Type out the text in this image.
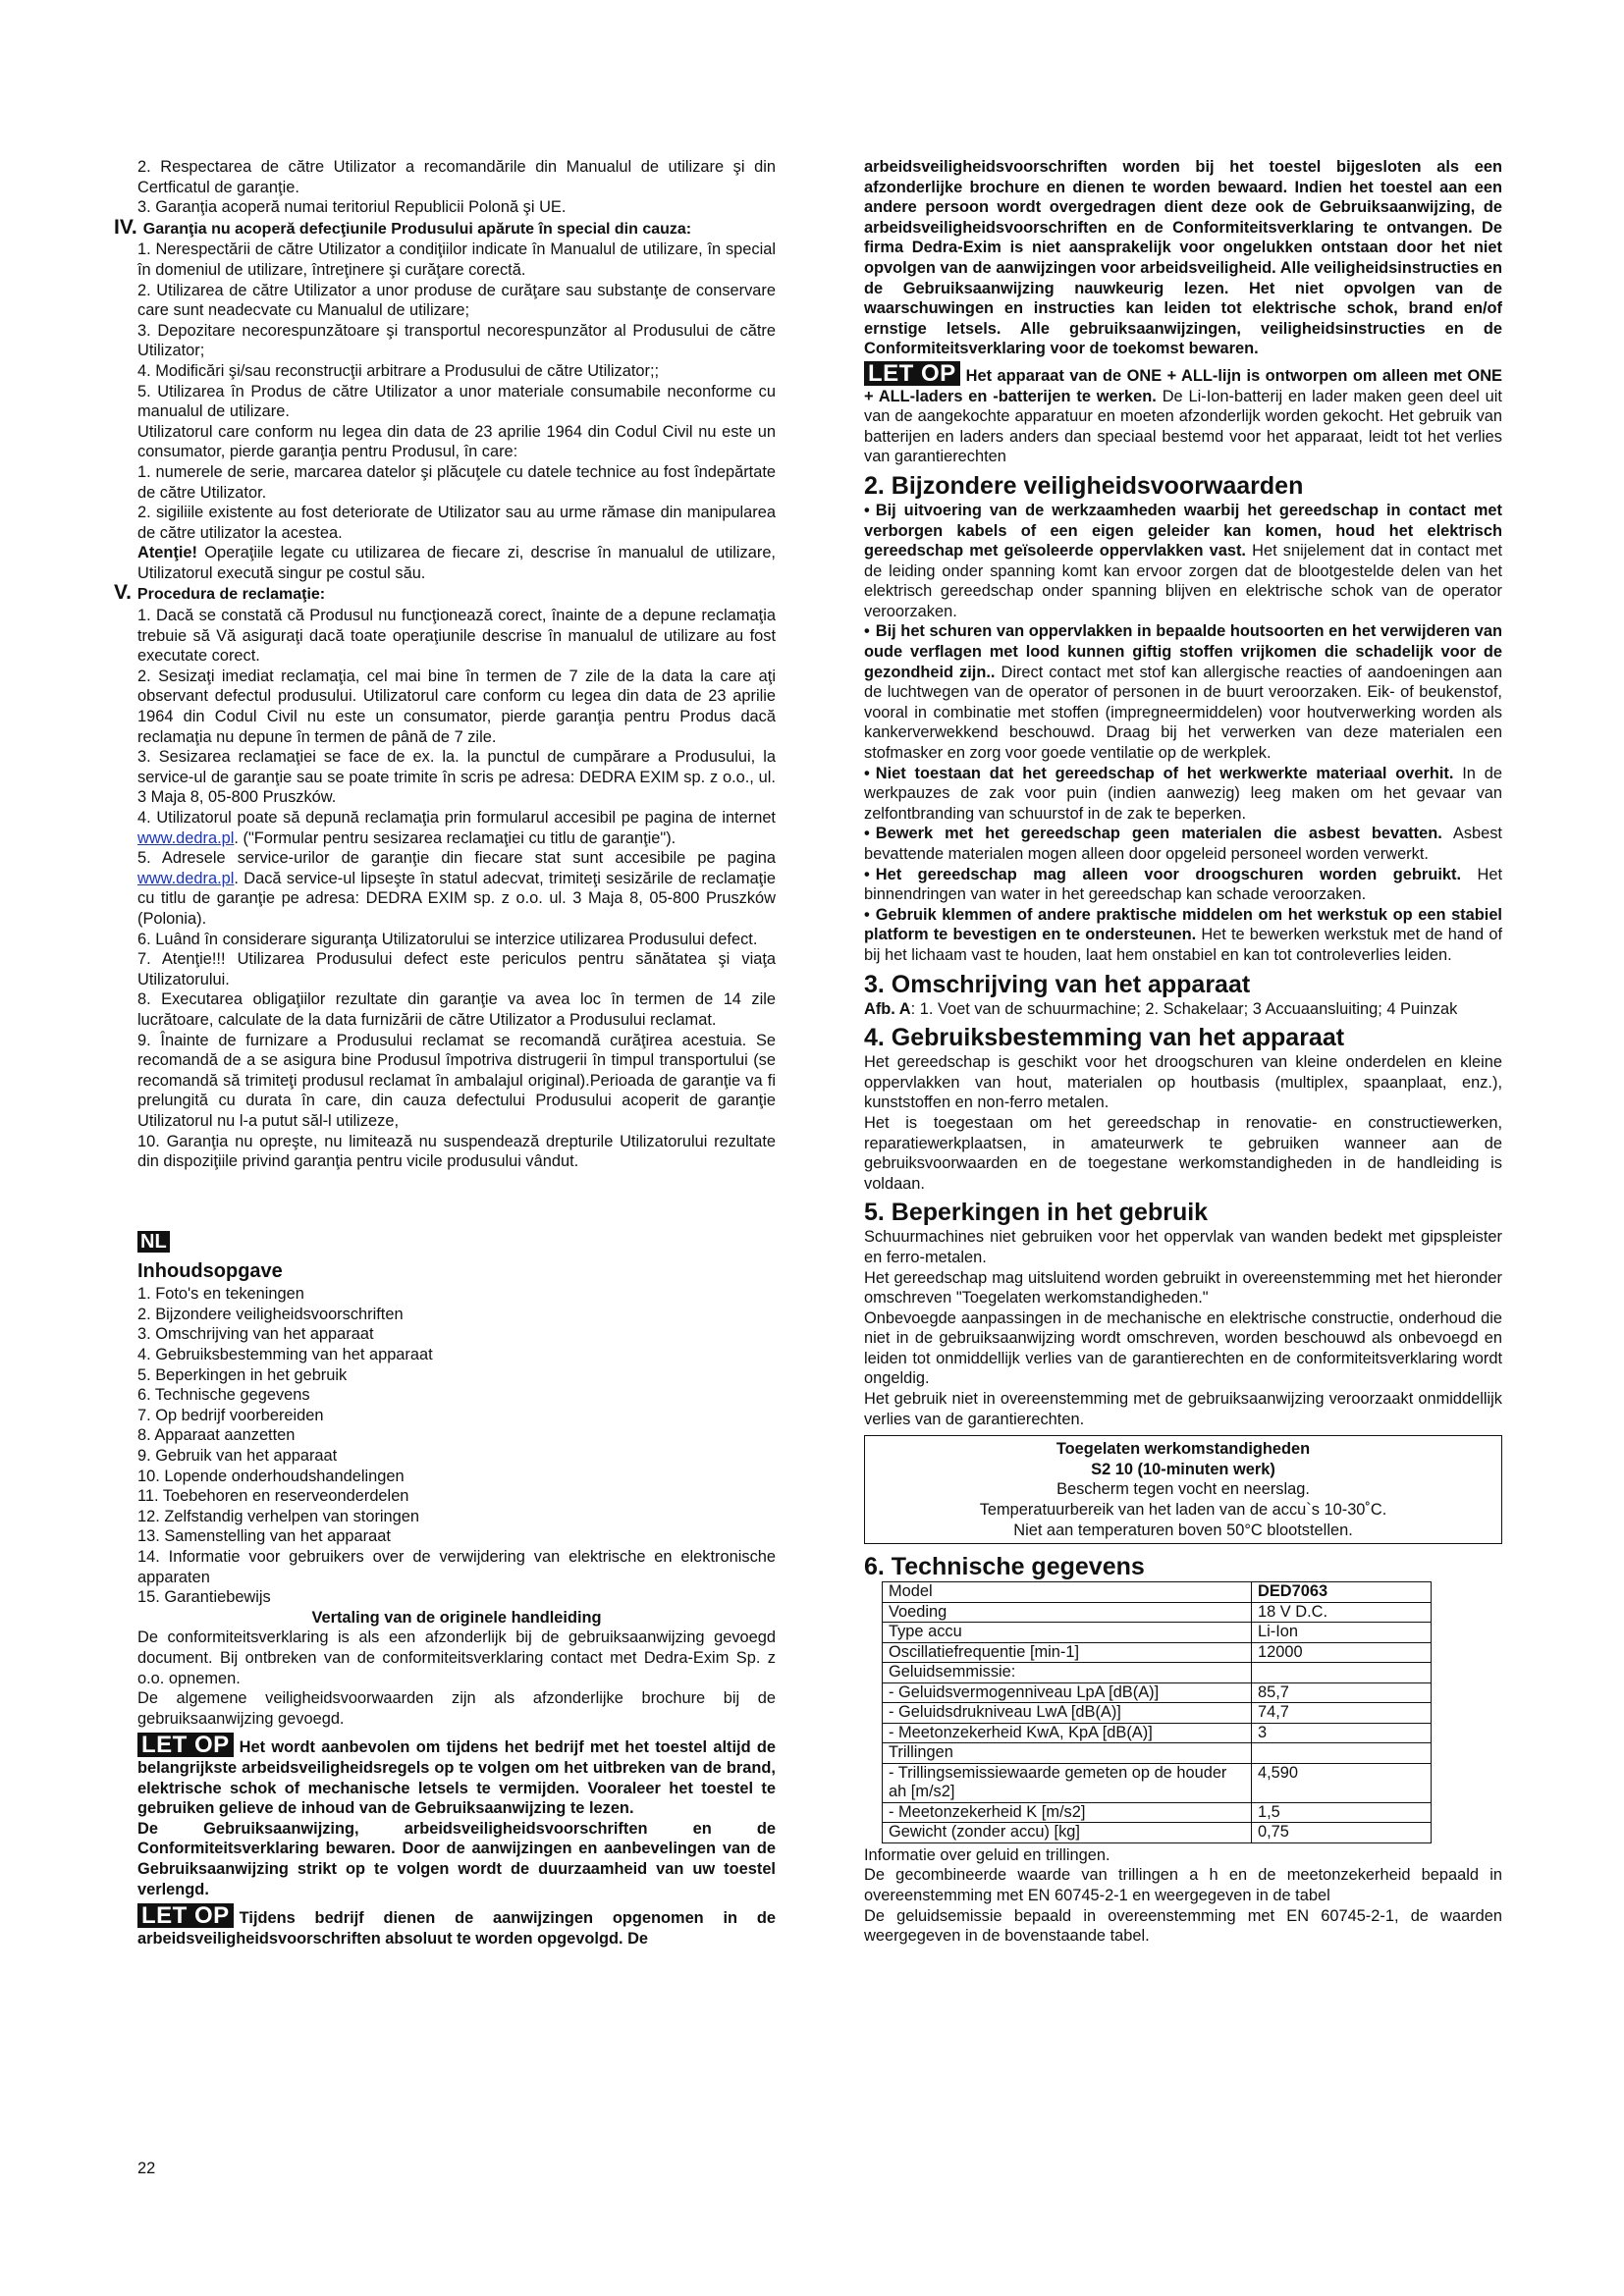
2. Respectarea de către Utilizator a recomandările din Manualul de utilizare şi din Certficatul de garanţie.

3. Garanţia acoperă numai teritoriul Republicii Polonă şi UE.

IV. Garanţia nu acoperă defecţiunile Produsului apărute în special din cauza:

1. Nerespectării de către Utilizator a condiţiilor indicate în Manualul de utilizare, în special în domeniul de utilizare, întreţinere şi curăţare corectă.

2. Utilizarea de către Utilizator a unor produse de curăţare sau substanţe de conservare care sunt neadecvate cu Manualul de utilizare;

3. Depozitare necorespunzătoare şi transportul necorespunzător al Produsului de către Utilizator;

4. Modificări şi/sau reconstrucţii arbitrare a Produsului de către Utilizator;;

5. Utilizarea în Produs de către Utilizator a unor materiale consumabile neconforme cu manualul de utilizare.

Utilizatorul care conform nu legea din data de 23 aprilie 1964 din Codul Civil nu este un consumator, pierde garanţia pentru Produsul, în care:

1. numerele de serie, marcarea datelor şi plăcuţele cu datele technice au fost îndepărtate de către Utilizator.

2. sigiliile existente au fost deteriorate de Utilizator sau au urme rămase din manipularea de către utilizator la acestea.

Atenţie! Operaţiile legate cu utilizarea de fiecare zi, descrise în manualul de utilizare, Utilizatorul execută singur pe costul său.

V. Procedura de reclamaţie:

1. Dacă se constată că Produsul nu funcţionează corect, înainte de a depune reclamaţia trebuie să Vă asiguraţi dacă toate operaţiunile descrise în manualul de utilizare au fost executate corect.

2. Sesizaţi imediat reclamaţia, cel mai bine în termen de 7 zile de la data la care aţi observant defectul produsului. Utilizatorul care conform cu legea din data de 23 aprilie 1964 din Codul Civil nu este un consumator, pierde garanţia pentru Produs dacă reclamaţia nu depune în termen de până de 7 zile.

3. Sesizarea reclamaţiei se face de ex. la. la punctul de cumpărare a Produsului, la service-ul de garanţie sau se poate trimite în scris pe adresa: DEDRA EXIM sp. z o.o., ul. 3 Maja 8, 05-800 Pruszków.

4. Utilizatorul poate să depună reclamaţia prin formularul accesibil pe pagina de internet www.dedra.pl. ("Formular pentru sesizarea reclamaţiei cu titlu de garanţie").

5. Adresele service-urilor de garanţie din fiecare stat sunt accesibile pe pagina www.dedra.pl. Dacă service-ul lipseşte în statul adecvat, trimiteţi sesizările de reclamaţie cu titlu de garanţie pe adresa: DEDRA EXIM sp. z o.o. ul. 3 Maja 8, 05-800 Pruszków (Polonia).

6. Luând în considerare siguranţa Utilizatorului se interzice utilizarea Produsului defect.

7. Atenţie!!! Utilizarea Produsului defect este periculos pentru sănătatea şi viaţa Utilizatorului.

8. Executarea obligaţiilor rezultate din garanţie va avea loc în termen de 14 zile lucrătoare, calculate de la data furnizării de către Utilizator a Produsului reclamat.

9. Înainte de furnizare a Produsului reclamat se recomandă curăţirea acestuia. Se recomandă de a se asigura bine Produsul împotriva distrugerii în timpul transportului (se recomandă să trimiteţi produsul reclamat în ambalajul original).Perioada de garanţie va fi prelungită cu durata în care, din cauza defectului Produsului acoperit de garanţie Utilizatorul nu l-a putut săl-l utilizeze,

10. Garanţia nu opreşte, nu limitează nu suspendează drepturile Utilizatorului rezultate din dispoziţiile privind garanţia pentru vicile produsului vândut.

NL

Inhoudsopgave

1. Foto's en tekeningen

2. Bijzondere veiligheidsvoorschriften

3. Omschrijving van het apparaat

4. Gebruiksbestemming van het apparaat

5. Beperkingen in het gebruik

6. Technische gegevens

7. Op bedrijf voorbereiden

8. Apparaat aanzetten

9. Gebruik van het apparaat

10. Lopende onderhoudshandelingen

11. Toebehoren en reserveonderdelen

12. Zelfstandig verhelpen van storingen

13. Samenstelling van het apparaat

14. Informatie voor gebruikers over de verwijdering van elektrische en elektronische apparaten

15. Garantiebewijs

Vertaling van de originele handleiding

De conformiteitsverklaring is als een afzonderlijk bij de gebruiksaanwijzing gevoegd document. Bij ontbreken van de conformiteitsverklaring contact met Dedra-Exim Sp. z o.o. opnemen.

De algemene veiligheidsvoorwaarden zijn als afzonderlijke brochure bij de gebruiksaanwijzing gevoegd.

LET OP Het wordt aanbevolen om tijdens het bedrijf met het toestel altijd de belangrijkste arbeidsveiligheidsregels op te volgen om het uitbreken van de brand, elektrische schok of mechanische letsels te vermijden. Vooraleer het toestel te gebruiken gelieve de inhoud van de Gebruiksaanwijzing te lezen.

De Gebruiksaanwijzing, arbeidsveiligheidsvoorschriften en de Conformiteitsverklaring bewaren. Door de aanwijzingen en aanbevelingen van de Gebruiksaanwijzing strikt op te volgen wordt de duurzaamheid van uw toestel verlengd.

LET OP Tijdens bedrijf dienen de aanwijzingen opgenomen in de arbeidsveiligheidsvoorschriften absoluut te worden opgevolgd. De

arbeidsveiligheidsvoorschriften worden bij het toestel bijgesloten als een afzonderlijke brochure en dienen te worden bewaard. Indien het toestel aan een andere persoon wordt overgedragen dient deze ook de Gebruiksaanwijzing, de arbeidsveiligheidsvoorschriften en de Conformiteitsverklaring te ontvangen. De firma Dedra-Exim is niet aansprakelijk voor ongelukken ontstaan door het niet opvolgen van de aanwijzingen voor arbeidsveiligheid. Alle veiligheidsinstructies en de Gebruiksaanwijzing nauwkeurig lezen. Het niet opvolgen van de waarschuwingen en instructies kan leiden tot elektrische schok, brand en/of ernstige letsels. Alle gebruiksaanwijzingen, veiligheidsinstructies en de Conformiteitsverklaring voor de toekomst bewaren.

LET OP Het apparaat van de ONE + ALL-lijn is ontworpen om alleen met ONE + ALL-laders en -batterijen te werken. De Li-Ion-batterij en lader maken geen deel uit van de aangekochte apparatuur en moeten afzonderlijk worden gekocht. Het gebruik van batterijen en laders anders dan speciaal bestemd voor het apparaat, leidt tot het verlies van garantierechten

2. Bijzondere veiligheidsvoorwaarden

• Bij uitvoering van de werkzaamheden waarbij het gereedschap in contact met verborgen kabels of een eigen geleider kan komen, houd het elektrisch gereedschap met geïsoleerde oppervlakken vast. Het snijelement dat in contact met de leiding onder spanning komt kan ervoor zorgen dat de blootgestelde delen van het elektrisch gereedschap onder spanning blijven en elektrische schok van de operator veroorzaken.

• Bij het schuren van oppervlakken in bepaalde houtsoorten en het verwijderen van oude verflagen met lood kunnen giftig stoffen vrijkomen die schadelijk voor de gezondheid zijn.. Direct contact met stof kan allergische reacties of aandoeningen aan de luchtwegen van de operator of personen in de buurt veroorzaken. Eik- of beukenstof, vooral in combinatie met stoffen (impregneermiddelen) voor houtverwerking worden als kankerverwekkend beschouwd. Draag bij het verwerken van deze materialen een stofmasker en zorg voor goede ventilatie op de werkplek.

• Niet toestaan dat het gereedschap of het werkwerkte materiaal overhit. In de werkpauzes de zak voor puin (indien aanwezig) leeg maken om het gevaar van zelfontbranding van schuurstof in de zak te beperken.

• Bewerk met het gereedschap geen materialen die asbest bevatten. Asbest bevattende materialen mogen alleen door opgeleid personeel worden verwerkt.

• Het gereedschap mag alleen voor droogschuren worden gebruikt. Het binnendringen van water in het gereedschap kan schade veroorzaken.

• Gebruik klemmen of andere praktische middelen om het werkstuk op een stabiel platform te bevestigen en te ondersteunen. Het te bewerken werkstuk met de hand of bij het lichaam vast te houden, laat hem onstabiel en kan tot controleverlies leiden.

3. Omschrijving van het apparaat

Afb. A: 1. Voet van de schuurmachine; 2. Schakelaar; 3 Accuaansluiting; 4 Puinzak

4. Gebruiksbestemming van het apparaat

Het gereedschap is geschikt voor het droogschuren van kleine onderdelen en kleine oppervlakken van hout, materialen op houtbasis (multiplex, spaanplaat, enz.), kunststoffen en non-ferro metalen.

Het is toegestaan om het gereedschap in renovatie- en constructiewerken, reparatiewerkplaatsen, in amateurwerk te gebruiken wanneer aan de gebruiksvoorwaarden en de toegestane werkomstandigheden in de handleiding is voldaan.

5. Beperkingen in het gebruik

Schuurmachines niet gebruiken voor het oppervlak van wanden bedekt met gipspleister en ferro-metalen.

Het gereedschap mag uitsluitend worden gebruikt in overeenstemming met het hieronder omschreven "Toegelaten werkomstandigheden."

Onbevoegde aanpassingen in de mechanische en elektrische constructie, onderhoud die niet in de gebruiksaanwijzing wordt omschreven, worden beschouwd als onbevoegd en leiden tot onmiddellijk verlies van de garantierechten en de conformiteitsverklaring wordt ongeldig.

Het gebruik niet in overeenstemming met de gebruiksaanwijzing veroorzaakt onmiddellijk verlies van de garantierechten.

Toegelaten werkomstandigheden

S2 10 (10-minuten werk)

Bescherm tegen vocht en neerslag.

Temperatuurbereik van het laden van de accu`s 10-30˚C.

Niet aan temperaturen boven 50°C blootstellen.

6. Technische gegevens

Model	DED7063
Voeding	18 V D.C.
Type accu	Li-Ion
Oscillatiefrequentie [min-1]	12000
Geluidsemmissie:	
- Geluidsvermogenniveau LpA [dB(A)]	85,7
- Geluidsdrukniveau LwA [dB(A)]	74,7
- Meetonzekerheid KwA, KpA [dB(A)]	3
Trillingen	
- Trillingsemissiewaarde gemeten op de houder ah [m/s2]	4,590
- Meetonzekerheid K [m/s2]	1,5
Gewicht (zonder accu) [kg]	0,75

Informatie over geluid en trillingen.

De gecombineerde waarde van trillingen a h en de meetonzekerheid bepaald in overeenstemming met EN 60745-2-1 en weergegeven in de tabel

De geluidsemissie bepaald in overeenstemming met EN 60745-2-1, de waarden weergegeven in de bovenstaande tabel.

22
